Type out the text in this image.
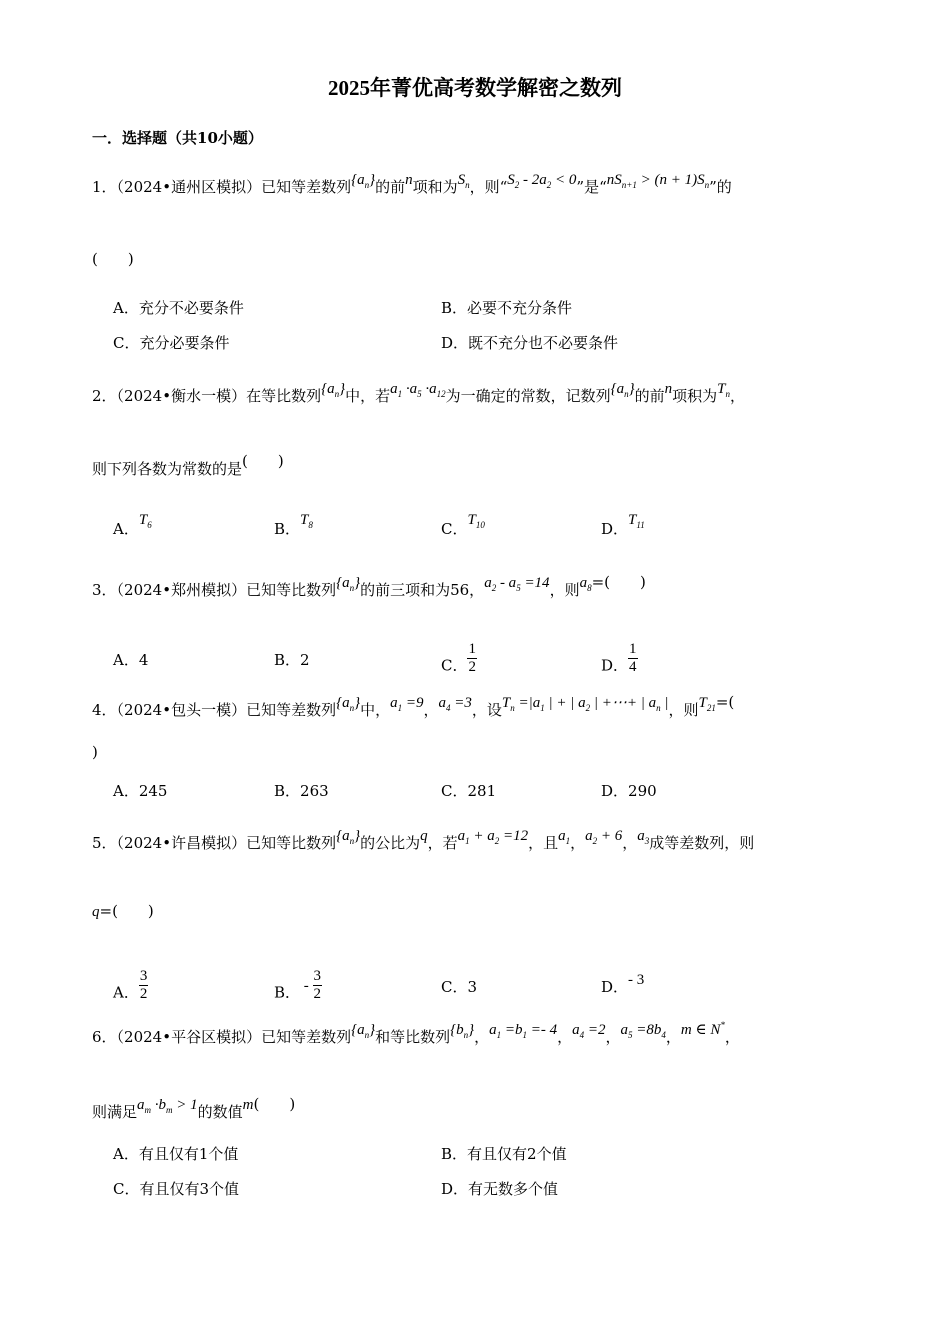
2025年菁优高考数学解密之数列
一．选择题（共10小题）
1．（2024•通州区模拟）已知等差数列$\{a_n\}$的前n项和为$S_n$，则“$S_2 - 2a_2 < 0$”是“$nS_{n+1} > (n + 1)S_n$”的
(　　)
A．充分不必要条件	B．必要不充分条件
C．充分必要条件	D．既不充分也不必要条件
2．（2024•衡水一模）在等比数列$\{a_n\}$中，若$a_1 \cdot a_5 \cdot a_{12}$为一确定的常数，记数列$\{a_n\}$的前n项积为$T_n$，
则下列各数为常数的是(　　)
A．$T_6$	B．$T_8$	C．$T_{10}$	D．$T_{11}$
3．（2024•郑州模拟）已知等比数列$\{a_n\}$的前三项和为56，$a_2 - a_5 =14$，则$a_8=$(　　)
A．4	B．2	C． $\frac{1}{2}$	D． $\frac{1}{4}$
4．（2024•包头一模）已知等差数列$\{a_n\}$中，$a_1 =9$，$a_4 =3$，设$T_n =|a_1$ | + | $a_2$ | +⋯+ | $a_n$ |，则$T_{21}=$(
)
A．245	B．263	C．281	D．290
5．（2024•许昌模拟）已知等比数列$\{a_n\}$的公比为q，若$a_1 + a_2 =12$，且$a_1$，$a_2 + 6$，$a_3$成等差数列，则
q=(　　)
A． $\frac{3}{2}$	B． - $\frac{3}{2}$	C．3	D．- 3
6．（2024•平谷区模拟）已知等差数列$\{a_n\}$和等比数列$\{b_n\}$，$a_1 =b_1 =- 4$，$a_4 =2$，$a_5 =8b_4$，m ∈ N*，
则满足$a_m \cdot b_m > 1$的数值m(　　)
A．有且仅有1个值	B．有且仅有2个值
C．有且仅有3个值	D．有无数多个值
